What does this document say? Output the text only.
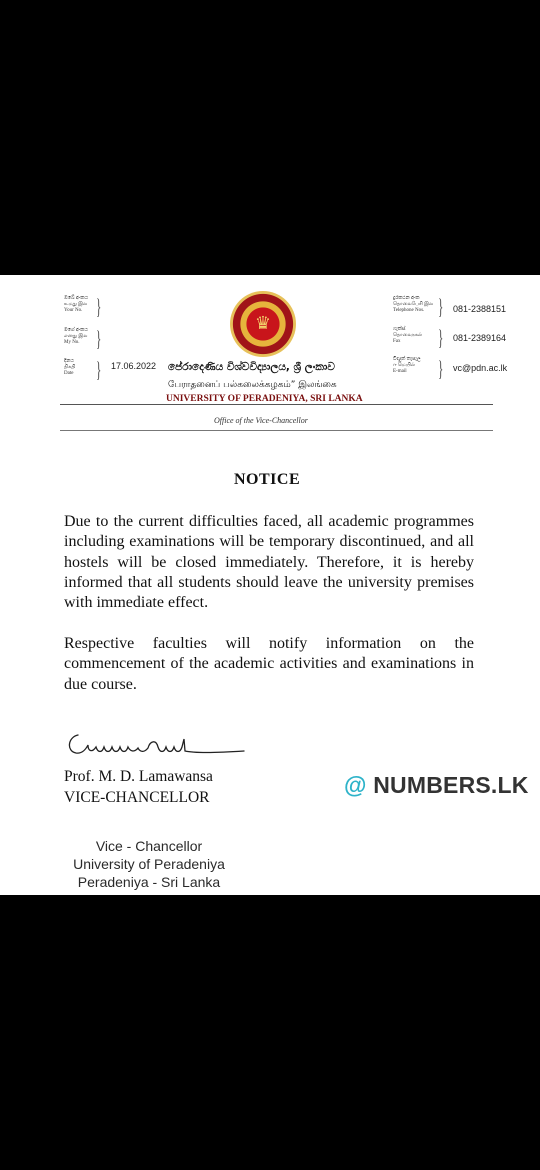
ඔබේ අංකය
உமது இல
Your No. }
මගේ අංකය
எனது இல
My No. }
දිනය
திகதி
Date } 17.06.2022
♛
පේරාදෙණිය විශ්වවිද්‍යාලය, ශ්‍රී ලංකාව
பேராதனைப் பல்கலைக்கழகம்” இலங்கை
UNIVERSITY OF PERADENIYA, SRI LANKA
දුරකථන අංක
தொலைபேசி இல
Telephone Nos. } 081-2388151
ෆැක්ස්
தொலைநகல்
Fax	} 081-2389164
විද්‍යුත් තැපැල
ஈ மெயில்
E-mail	} vc@pdn.ac.lk
Office of the Vice-Chancellor
NOTICE
Due to the current difficulties faced, all academic programmes including examinations will be temporary discontinued, and all hostels will be closed immediately. Therefore, it is hereby informed that all students should leave the university premises with immediate effect.
Respective faculties will notify information on the commencement of the academic activities and examinations in due course.
Prof. M. D. Lamawansa
VICE-CHANCELLOR	@ NUMBERS.LK
Vice - Chancellor
University of Peradeniya
Peradeniya - Sri Lanka
